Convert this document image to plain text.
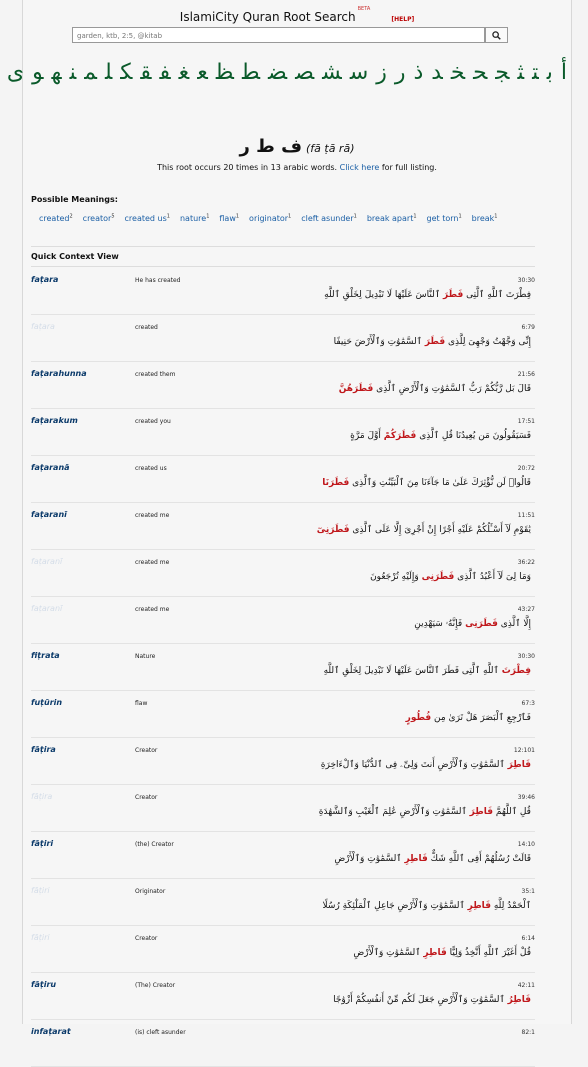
IslamiCity Quran Root Search$^{BETA}$ [HELP]
garden, ktb, 2:5, @kitab
أبتثجحخدذرزسشصضطظعغفقكلمنهوى
ف ط ر (fā ṭā rā)
This root occurs 20 times in 13 arabic words. Click here for full listing.
Possible Meanings:
created$^2$ creator$^5$ created $us^1$ nature$^1$ flaw$^1$ originator$^1$ cleft asunder$^1$ break apart$^1$ get torn$^1$ break$^1$
Quick Context View
faṭara	He has created	30:30
فِطْرَتَ ٱللَّهِ ٱلَّتِى فَطَرَ ٱلنَّاسَ عَلَيْهَا لَا تَبْدِيلَ لِخَلْقِ ٱللَّهِ
faṭara	created	6:79
إِنِّى وَجَّهْتُ وَجْهِىَ لِلَّذِى فَطَرَ ٱلسَّمَٰوَٰتِ وَٱلْأَرْضَ حَنِيفًا
faṭarahunna	created them	21:56
قَالَ بَل رَّبُّكُمْ رَبُّ ٱلسَّمَٰوَٰتِ وَٱلْأَرْضِ ٱلَّذِى فَطَرَهُنَّ
faṭarakum	created you	17:51
فَسَيَقُولُونَ مَن يُعِيدُنَا قُلِ ٱلَّذِى فَطَرَكُمْ أَوَّلَ مَرَّةٍ
faṭaranā	created us	20:72
قَالُوا۟ لَن نُّؤْثِرَكَ عَلَىٰ مَا جَآءَنَا مِنَ ٱلْبَيِّنَٰتِ وَٱلَّذِى فَطَرَنَا
faṭaranī	created me	11:51
يَٰقَوْمِ لَآ أَسْـَٔلُكُمْ عَلَيْهِ أَجْرًا إِنْ أَجْرِىَ إِلَّا عَلَى ٱلَّذِى فَطَرَنِىٓ
faṭaranī	created me	36:22
وَمَا لِىَ لَآ أَعْبُدُ ٱلَّذِى فَطَرَنِى وَإِلَيْهِ تُرْجَعُونَ
faṭaranī	created me	43:27
إِلَّا ٱلَّذِى فَطَرَنِى فَإِنَّهُۥ سَيَهْدِينِ
fiṭrata	Nature	30:30
فِطْرَتَ ٱللَّهِ ٱلَّتِى فَطَرَ ٱلنَّاسَ عَلَيْهَا لَا تَبْدِيلَ لِخَلْقِ ٱللَّهِ
fuṭūrin	flaw	67:3
فَٱرْجِعِ ٱلْبَصَرَ هَلْ تَرَىٰ مِن فُطُورٍ
fāṭira	Creator	12:101
فَاطِرَ ٱلسَّمَٰوَٰتِ وَٱلْأَرْضِ أَنتَ وَلِىِّۦ فِى ٱلدُّنْيَا وَٱلْءَاخِرَةِ
fāṭira	Creator	39:46
قُلِ ٱللَّهُمَّ فَاطِرَ ٱلسَّمَٰوَٰتِ وَٱلْأَرْضِ عَٰلِمَ ٱلْغَيْبِ وَٱلشَّهَٰدَةِ
fāṭiri	(the) Creator	14:10
قَالَتْ رُسُلُهُمْ أَفِى ٱللَّهِ شَكٌّ فَاطِرِ ٱلسَّمَٰوَٰتِ وَٱلْأَرْضِ
fāṭiri	Originator	35:1
ٱلْحَمْدُ لِلَّهِ فَاطِرِ ٱلسَّمَٰوَٰتِ وَٱلْأَرْضِ جَاعِلِ ٱلْمَلَٰٓئِكَةِ رُسُلًا
fāṭiri	Creator	6:14
قُلْ أَغَيْرَ ٱللَّهِ أَتَّخِذُ وَلِيًّا فَاطِرِ ٱلسَّمَٰوَٰتِ وَٱلْأَرْضِ
fāṭiru	(The) Creator	42:11
فَاطِرُ ٱلسَّمَٰوَٰتِ وَٱلْأَرْضِ جَعَلَ لَكُم مِّنْ أَنفُسِكُمْ أَزْوَٰجًا
infaṭarat	(is) cleft asunder	82:1
